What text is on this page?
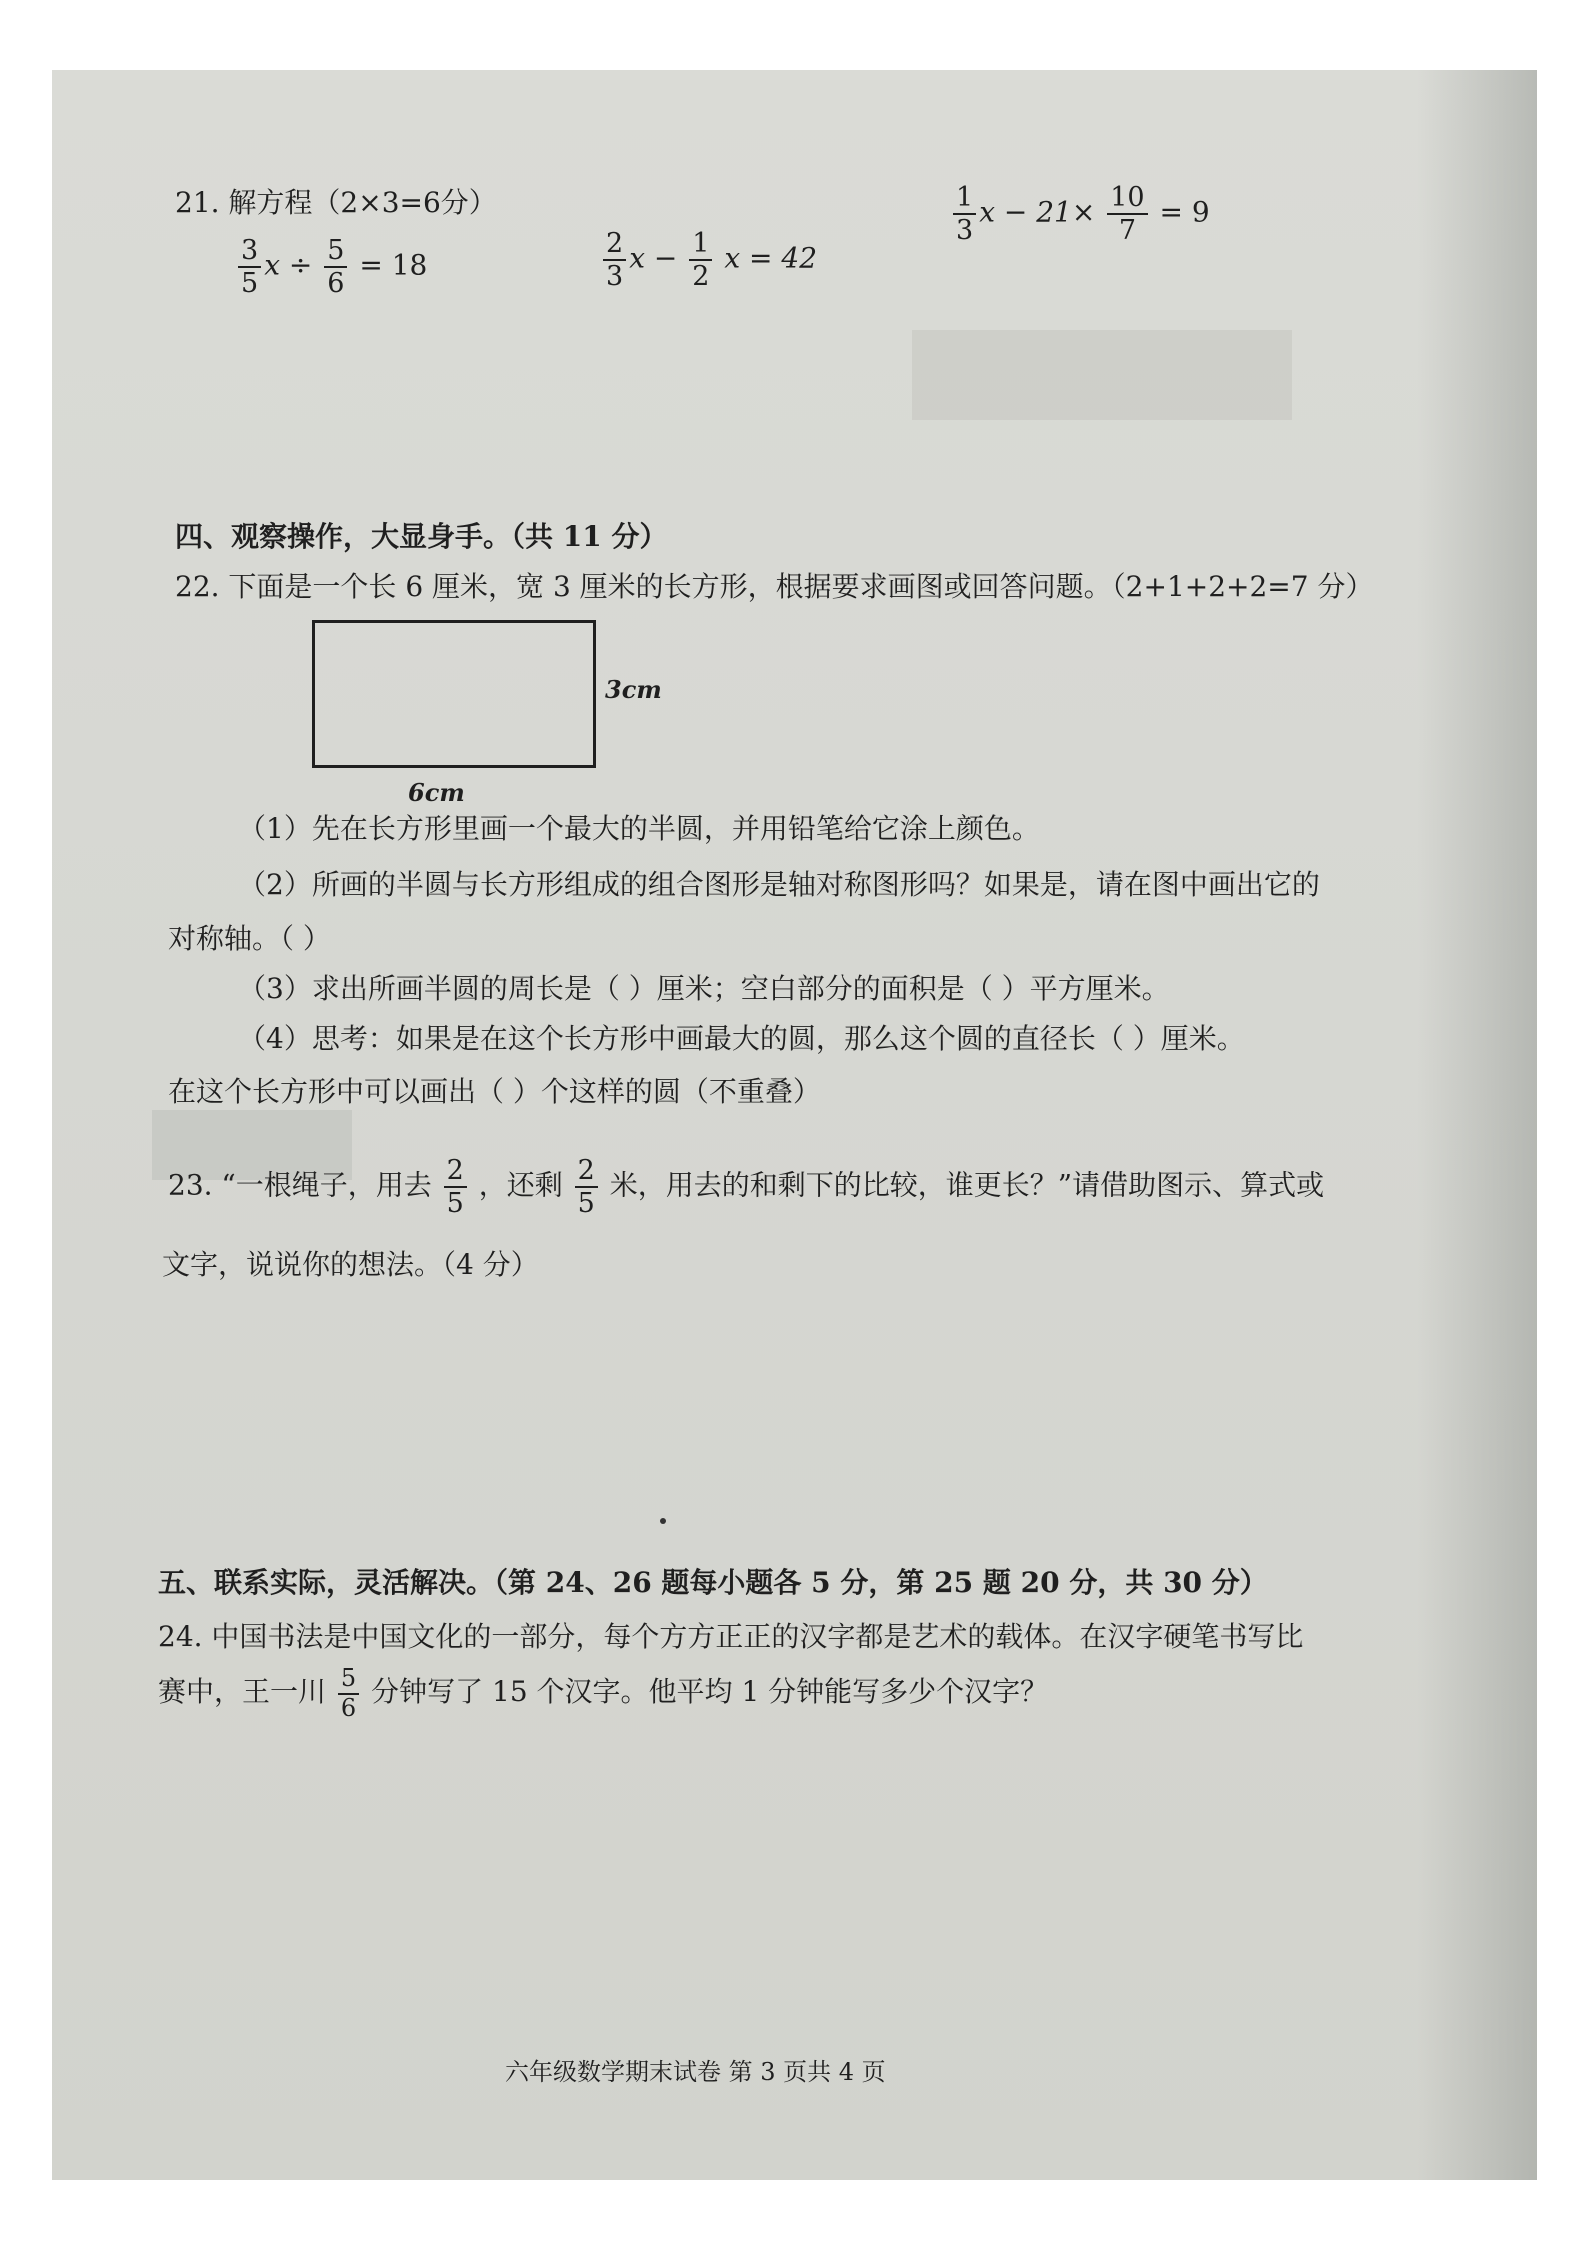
21. 解方程（2×3=6分）
$\frac{3}{5}$ $x \div \frac{5}{6} = 18$	$\frac{2}{3}$ $x - \frac{1}{2}$ x = 42
$\frac{1}{3}$ $x - 21\times \frac{10}{7} = 9$
四、观察操作，大显身手。（共 11 分）
22. 下面是一个长 6 厘米，宽 3 厘米的长方形，根据要求画图或回答问题。（2+1+2+2=7 分）
3cm
6cm
（1）先在长方形里画一个最大的半圆，并用铅笔给它涂上颜色。
（2）所画的半圆与长方形组成的组合图形是轴对称图形吗？如果是，请在图中画出它的
对称轴。（ ）
（3）求出所画半圆的周长是（ ）厘米；空白部分的面积是（ ）平方厘米。
（4）思考：如果是在这个长方形中画最大的圆，那么这个圆的直径长（ ）厘米。
在这个长方形中可以画出（ ）个这样的圆（不重叠）
23. “一根绳子，用去 $\frac{2}{5}$ ，还剩 $\frac{2}{5}$ 米，用去的和剩下的比较，谁更长？”请借助图示、算式或
文字，说说你的想法。（4 分）
五、联系实际，灵活解决。（第 24、26 题每小题各 5 分，第 25 题 20 分，共 30 分）
24. 中国书法是中国文化的一部分，每个方方正正的汉字都是艺术的载体。在汉字硬笔书写比
赛中，王一川 $\frac{5}{6}$ 分钟写了 15 个汉字。他平均 1 分钟能写多少个汉字？
六年级数学期末试卷 第 3 页共 4 页
